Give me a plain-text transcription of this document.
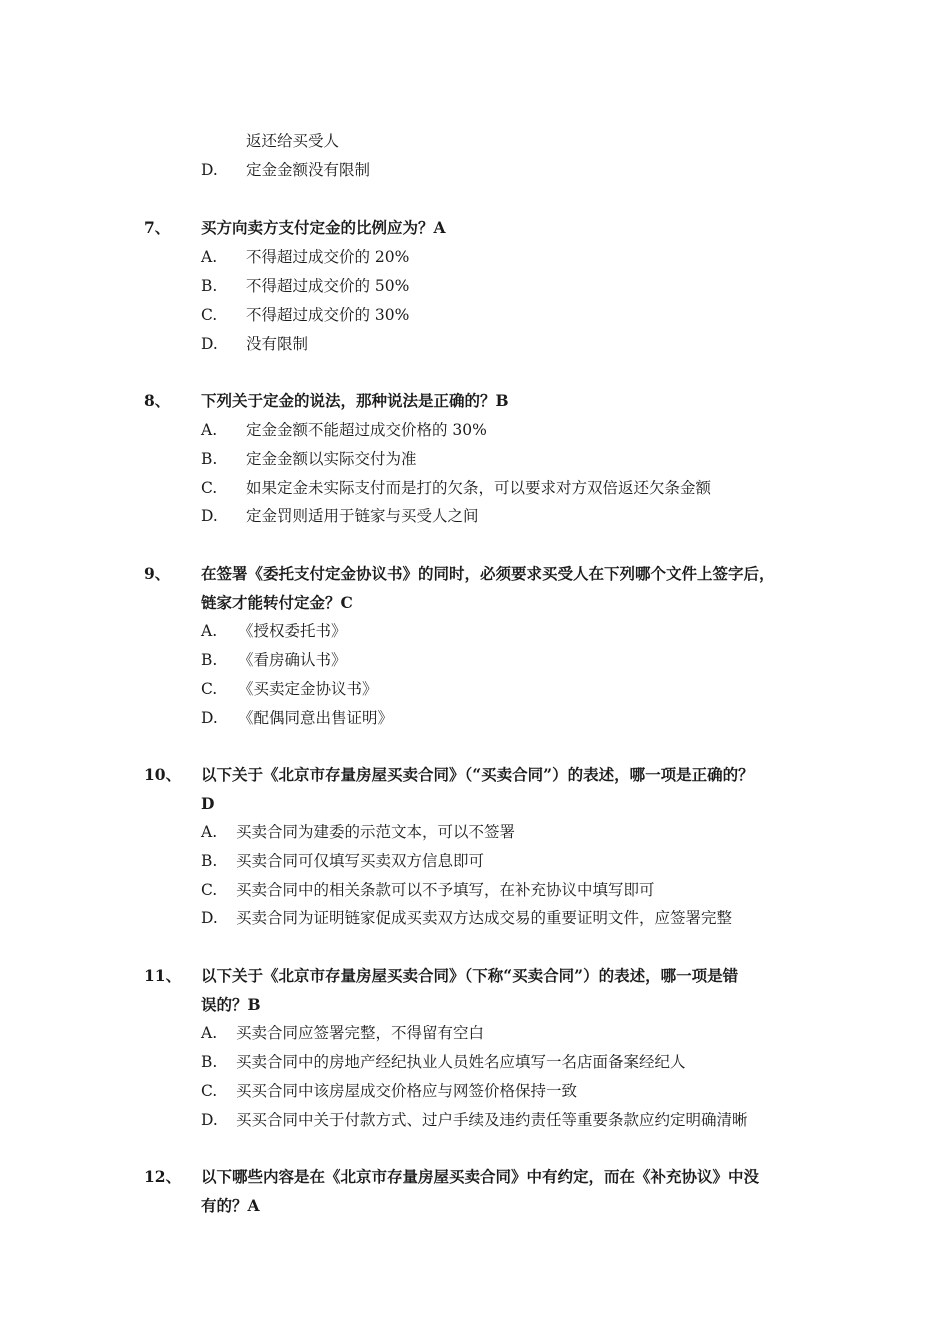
返还给买受人
D. 定金金额没有限制
7、 买方向卖方支付定金的比例应为？A
A. 不得超过成交价的 20%
B. 不得超过成交价的 50%
C. 不得超过成交价的 30%
D. 没有限制
8、 下列关于定金的说法，那种说法是正确的？B
A. 定金金额不能超过成交价格的 30%
B. 定金金额以实际交付为准
C. 如果定金未实际支付而是打的欠条，可以要求对方双倍返还欠条金额
D. 定金罚则适用于链家与买受人之间
9、 在签署《委托支付定金协议书》的同时，必须要求买受人在下列哪个文件上签字后，
链家才能转付定金？C
A. 《授权委托书》
B. 《看房确认书》
C. 《买卖定金协议书》
D. 《配偶同意出售证明》
10、 以下关于《北京市存量房屋买卖合同》（“买卖合同”）的表述，哪一项是正确的？
D
A. 买卖合同为建委的示范文本，可以不签署
B. 买卖合同可仅填写买卖双方信息即可
C. 买卖合同中的相关条款可以不予填写，在补充协议中填写即可
D. 买卖合同为证明链家促成买卖双方达成交易的重要证明文件，应签署完整
11、 以下关于《北京市存量房屋买卖合同》（下称“买卖合同”）的表述，哪一项是错
误的？B
A. 买卖合同应签署完整，不得留有空白
B. 买卖合同中的房地产经纪执业人员姓名应填写一名店面备案经纪人
C. 买买合同中该房屋成交价格应与网签价格保持一致
D. 买买合同中关于付款方式、过户手续及违约责任等重要条款应约定明确清晰
12、 以下哪些内容是在《北京市存量房屋买卖合同》中有约定，而在《补充协议》中没
有的？A
